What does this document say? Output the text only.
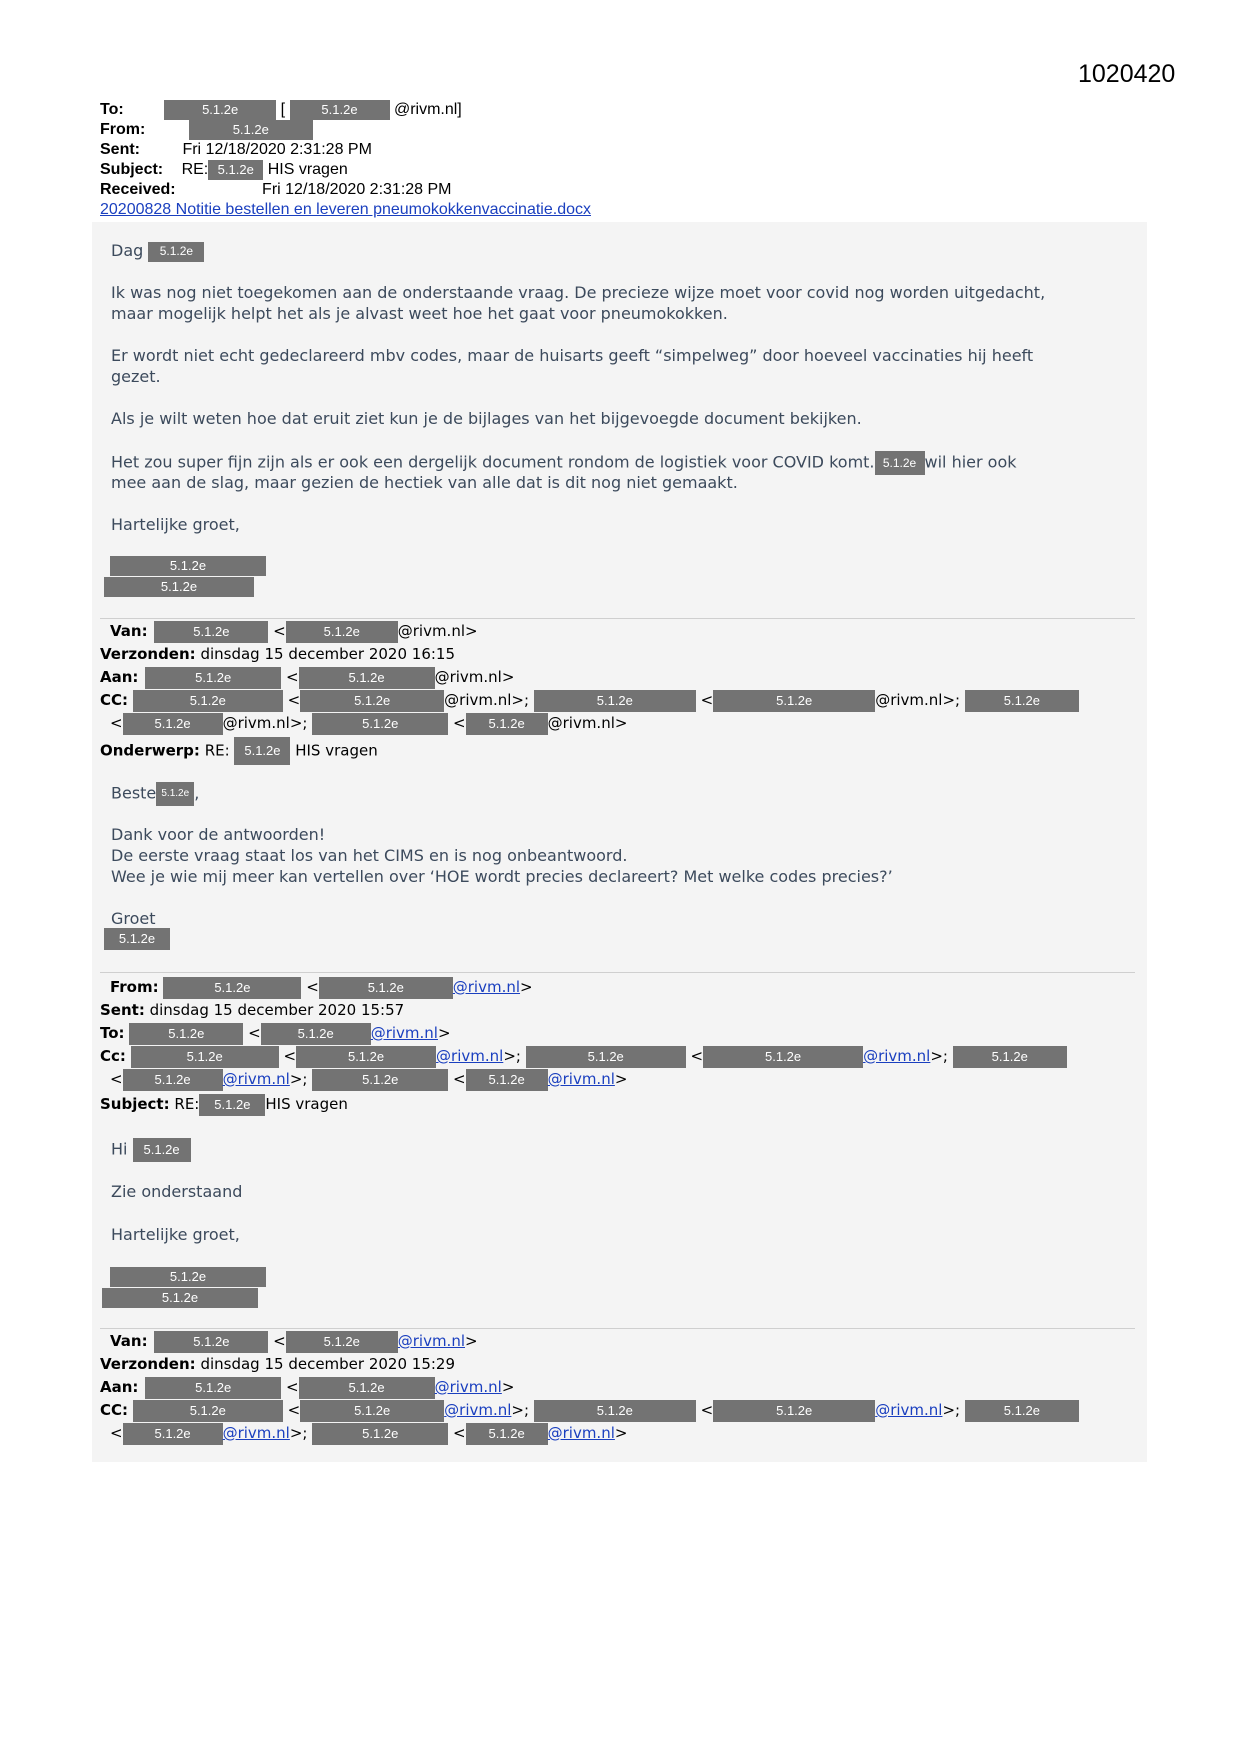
1020420
To:	5.1.2e	[	5.1.2e @rivm.nl]
From:	5.1.2e
Sent:	Fri 12/18/2020 2:31:28 PM
Subject: RE: 5.1.2e HIS vragen
Received:	Fri 12/18/2020 2:31:28 PM
20200828 Notitie bestellen en leveren pneumokokkenvaccinatie.docx
Dag 5.1.2e
Ik was nog niet toegekomen aan de onderstaande vraag. De precieze wijze moet voor covid nog worden uitgedacht,
maar mogelijk helpt het als je alvast weet hoe het gaat voor pneumokokken.
Er wordt niet echt gedeclareerd mbv codes, maar de huisarts geeft “simpelweg” door hoeveel vaccinaties hij heeft
gezet.
Als je wilt weten hoe dat eruit ziet kun je de bijlages van het bijgevoegde document bekijken.
Het zou super fijn zijn als er ook een dergelijk document rondom de logistiek voor COVID komt. 5.1.2e wil hier ook
mee aan de slag, maar gezien de hectiek van alle dat is dit nog niet gemaakt.
Hartelijke groet,
5.1.2e
5.1.2e
Van:	5.1.2e	<	5.1.2e	@rivm.nl>
Verzonden: dinsdag 15 december 2020 16:15
Aan:	5.1.2e	<	5.1.2e	@rivm.nl>
CC:	5.1.2e	<	5.1.2e	@rivm.nl>;	5.1.2e	<	5.1.2e	@rivm.nl>;	5.1.2e
< 5.1.2e @rivm.nl>;	5.1.2e	< 5.1.2e @rivm.nl>
Onderwerp: RE: 5.1.2e HIS vragen
Beste 5.1.2e ,
Dank voor de antwoorden!
De eerste vraag staat los van het CIMS en is nog onbeantwoord.
Wee je wie mij meer kan vertellen over ‘HOE wordt precies declareert? Met welke codes precies?’
Groet
5.1.2e
From:	5.1.2e	<	5.1.2e	@rivm.nl>
Sent: dinsdag 15 december 2020 15:57
To:	5.1.2e	<	5.1.2e @rivm.nl>
Cc:	5.1.2e	<	5.1.2e	@rivm.nl>;	5.1.2e	<	5.1.2e	@rivm.nl>;	5.1.2e
< 5.1.2e @rivm.nl>;	5.1.2e	< 5.1.2e @rivm.nl>
Subject: RE: 5.1.2e HIS vragen
Hi 5.1.2e
Zie onderstaand
Hartelijke groet,
5.1.2e
5.1.2e
Van:	5.1.2e	<	5.1.2e	@rivm.nl>
Verzonden: dinsdag 15 december 2020 15:29
Aan:	5.1.2e	<	5.1.2e	@rivm.nl>
CC:	5.1.2e	<	5.1.2e	@rivm.nl>;	5.1.2e	<	5.1.2e	@rivm.nl>;	5.1.2e
< 5.1.2e @rivm.nl>;	5.1.2e	< 5.1.2e @rivm.nl>
